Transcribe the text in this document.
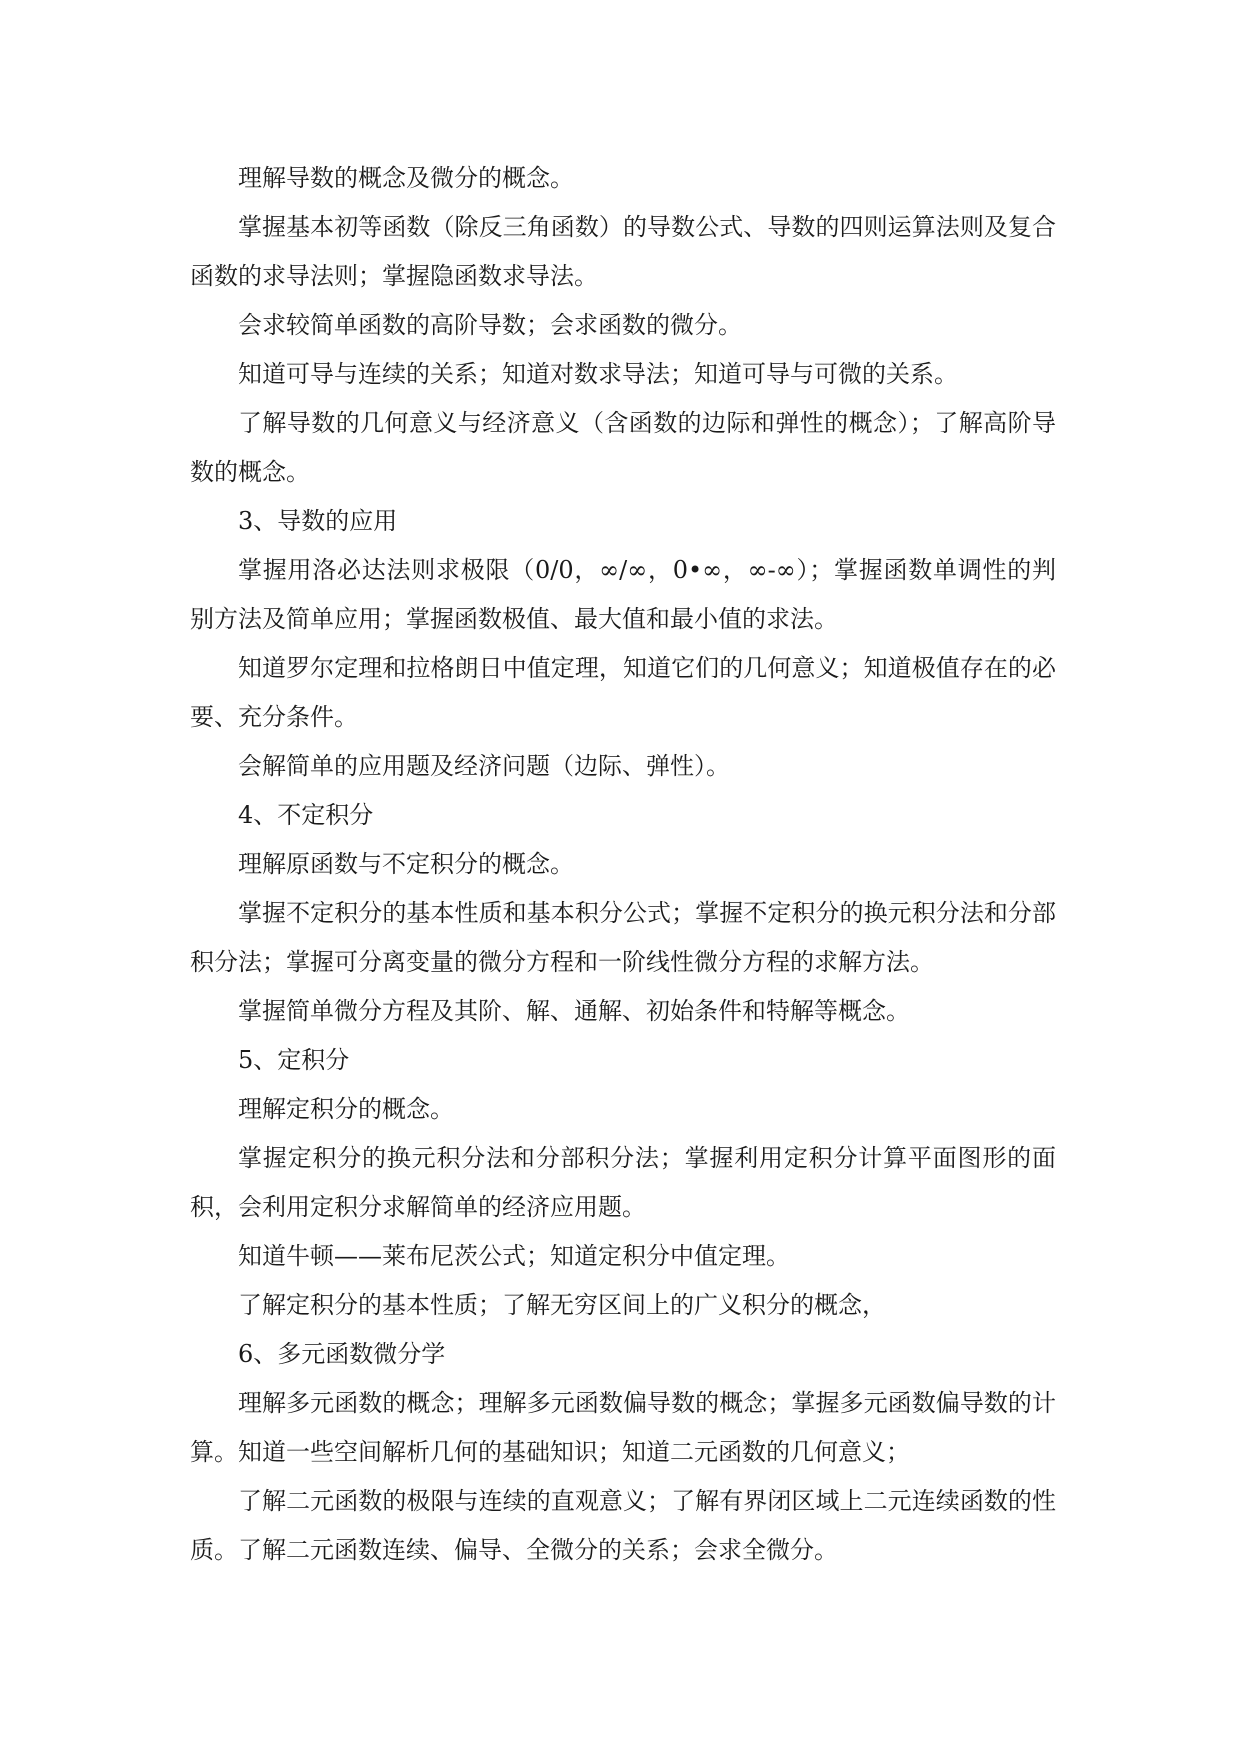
理解导数的概念及微分的概念。

掌握基本初等函数（除反三角函数）的导数公式、导数的四则运算法则及复合函数的求导法则；掌握隐函数求导法。

会求较简单函数的高阶导数；会求函数的微分。

知道可导与连续的关系；知道对数求导法；知道可导与可微的关系。

了解导数的几何意义与经济意义（含函数的边际和弹性的概念）；了解高阶导数的概念。

3、导数的应用

掌握用洛必达法则求极限（0/0，∞/∞，0•∞，∞-∞）；掌握函数单调性的判别方法及简单应用；掌握函数极值、最大值和最小值的求法。

知道罗尔定理和拉格朗日中值定理，知道它们的几何意义；知道极值存在的必要、充分条件。

会解简单的应用题及经济问题（边际、弹性）。

4、不定积分

理解原函数与不定积分的概念。

掌握不定积分的基本性质和基本积分公式；掌握不定积分的换元积分法和分部积分法；掌握可分离变量的微分方程和一阶线性微分方程的求解方法。

掌握简单微分方程及其阶、解、通解、初始条件和特解等概念。

5、定积分

理解定积分的概念。

掌握定积分的换元积分法和分部积分法；掌握利用定积分计算平面图形的面积，会利用定积分求解简单的经济应用题。

知道牛顿——莱布尼茨公式；知道定积分中值定理。

了解定积分的基本性质；了解无穷区间上的广义积分的概念，

6、多元函数微分学

理解多元函数的概念；理解多元函数偏导数的概念；掌握多元函数偏导数的计算。知道一些空间解析几何的基础知识；知道二元函数的几何意义；

了解二元函数的极限与连续的直观意义；了解有界闭区域上二元连续函数的性质。了解二元函数连续、偏导、全微分的关系；会求全微分。
